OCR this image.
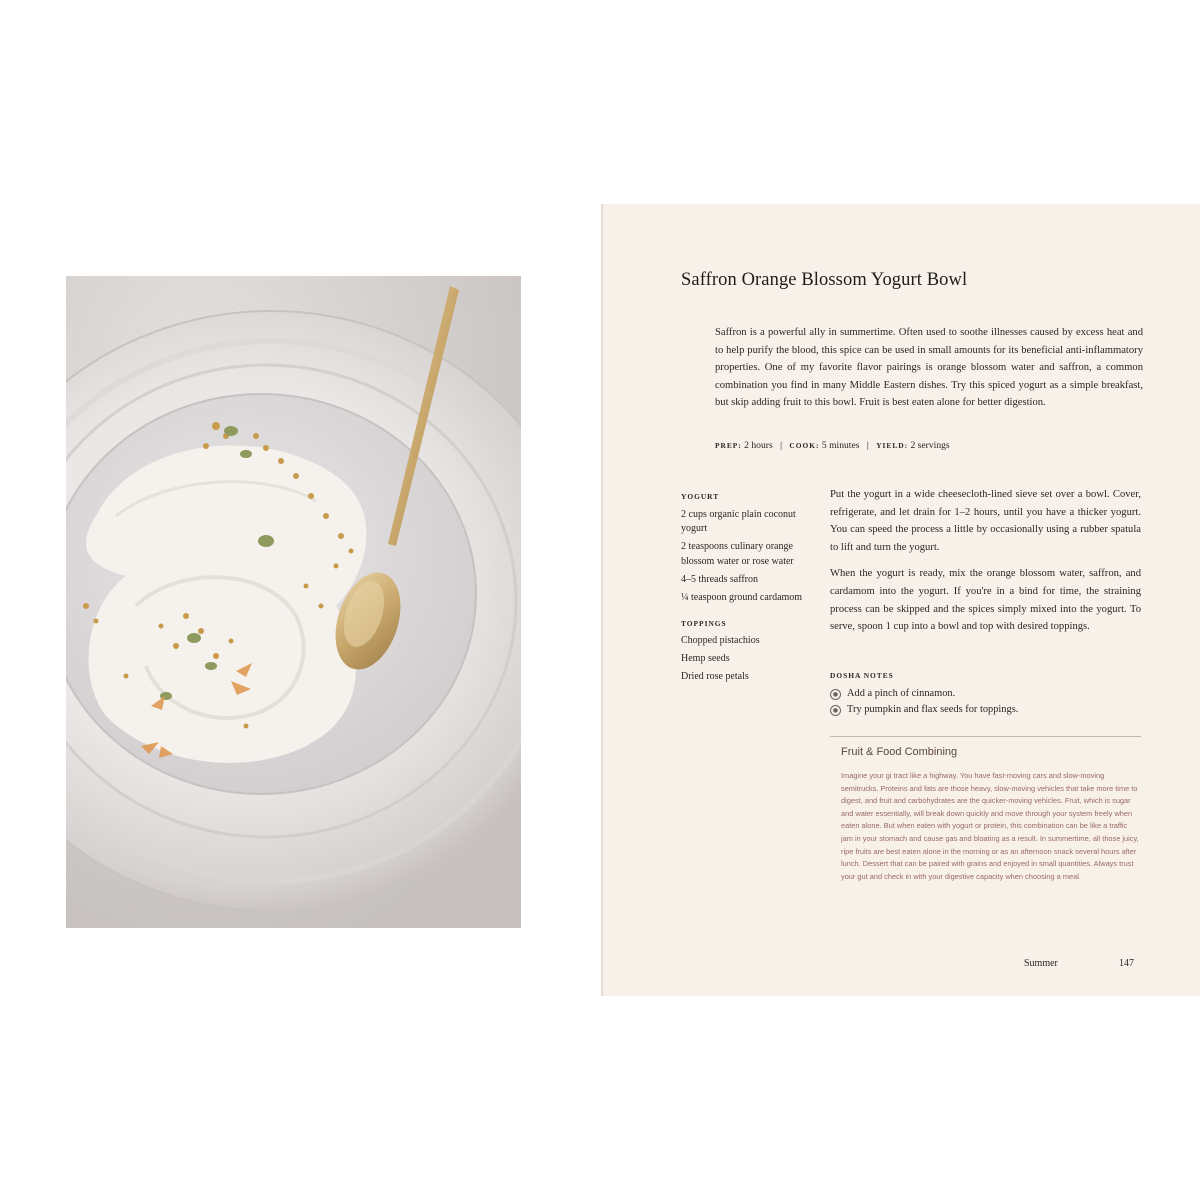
Saffron Orange Blossom Yogurt Bowl
Saffron is a powerful ally in summertime. Often used to soothe illnesses caused by excess heat and to help purify the blood, this spice can be used in small amounts for its beneficial anti-inflammatory properties. One of my favorite flavor pairings is orange blossom water and saffron, a common combination you find in many Middle Eastern dishes. Try this spiced yogurt as a simple breakfast, but skip adding fruit to this bowl. Fruit is best eaten alone for better digestion.
PREP: 2 hours | COOK: 5 minutes | YIELD: 2 servings
YOGURT
2 cups organic plain coconut yogurt
2 teaspoons culinary orange blossom water or rose water
4–5 threads saffron
¼ teaspoon ground cardamom
TOPPINGS
Chopped pistachios
Hemp seeds
Dried rose petals

Put the yogurt in a wide cheesecloth-lined sieve set over a bowl. Cover, refrigerate, and let drain for 1–2 hours, until you have a thicker yogurt. You can speed the process a little by occasionally using a rubber spatula to lift and turn the yogurt.

When the yogurt is ready, mix the orange blossom water, saffron, and cardamom into the yogurt. If you're in a bind for time, the straining process can be skipped and the spices simply mixed into the yogurt. To serve, spoon 1 cup into a bowl and top with desired toppings.

DOSHA NOTES
● Add a pinch of cinnamon.
● Try pumpkin and flax seeds for toppings.
Fruit & Food Combining
Imagine your gi tract like a highway. You have fast-moving cars and slow-moving semitrucks. Proteins and fats are those heavy, slow-moving vehicles that take more time to digest, and fruit and carbohydrates are the quicker-moving vehicles. Fruit, which is sugar and water essentially, will break down quickly and move through your system freely when eaten alone. But when eaten with yogurt or protein, this combination can be like a traffic jam in your stomach and cause gas and bloating as a result. In summertime, all those juicy, ripe fruits are best eaten alone in the morning or as an afternoon snack several hours after lunch. Dessert that can be paired with grains and enjoyed in small quantities. Always trust your gut and check in with your digestive capacity when choosing a meal.
Summer	147
